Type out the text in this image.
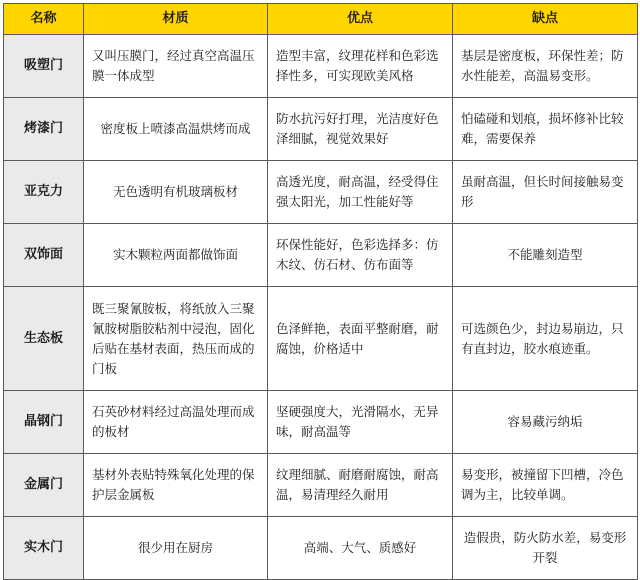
名称	材质	优点	缺点
吸塑门	又叫压膜门，经过真空高温压膜一体成型	造型丰富，纹理花样和色彩选择性多，可实现欧美风格	基层是密度板，环保性差；防水性能差，高温易变形。
烤漆门	密度板上喷漆高温烘烤而成	防水抗污好打理，光洁度好色泽细腻，视觉效果好	怕磕碰和划痕，损坏修补比较难，需要保养
亚克力	无色透明有机玻璃板材	高透光度，耐高温，经受得住强太阳光，加工性能好等	虽耐高温，但长时间接触易变形
双饰面	实木颗粒两面都做饰面	环保性能好，色彩选择多：仿木纹、仿石材、仿布面等	不能雕刻造型
生态板	既三聚氰胺板，将纸放入三聚氰胺树脂胶粘剂中浸泡，固化后贴在基材表面，热压而成的门板	色泽鲜艳，表面平整耐磨，耐腐蚀，价格适中	可选颜色少，封边易崩边，只有直封边，胶水痕迹重。
晶钢门	石英砂材料经过高温处理而成的板材	坚硬强度大，光滑隔水，无异味，耐高温等	容易藏污纳垢
金属门	基材外表贴特殊氧化处理的保护层金属板	纹理细腻、耐磨耐腐蚀，耐高温，易清理经久耐用	易变形，被撞留下凹槽，冷色调为主，比较单调。
实木门	很少用在厨房	高端、大气、质感好	造假贵，防火防水差，易变形开裂
